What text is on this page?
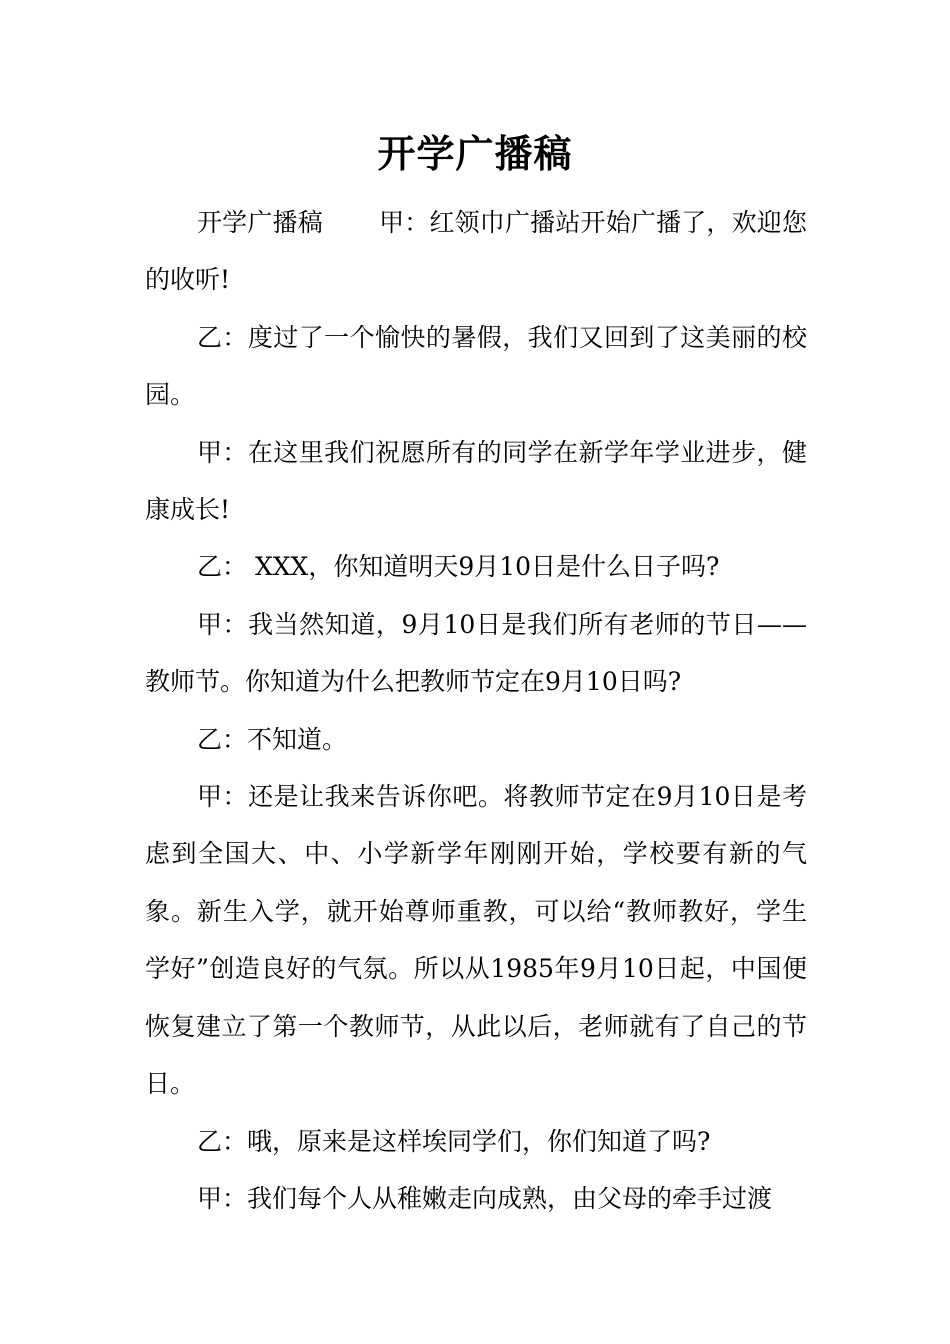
开学广播稿

开学广播稿 甲：红领巾广播站开始广播了，欢迎您的收听!

乙：度过了一个愉快的暑假，我们又回到了这美丽的校园。

甲：在这里我们祝愿所有的同学在新学年学业进步，健康成长!

乙： XXX，你知道明天9月10日是什么日子吗?

甲：我当然知道，9月10日是我们所有老师的节日——教师节。你知道为什么把教师节定在9月10日吗?

乙：不知道。

甲：还是让我来告诉你吧。将教师节定在9月10日是考虑到全国大、中、小学新学年刚刚开始，学校要有新的气象。新生入学，就开始尊师重教，可以给“教师教好，学生学好”创造良好的气氛。所以从1985年9月10日起，中国便恢复建立了第一个教师节，从此以后，老师就有了自己的节日。

乙：哦，原来是这样埃同学们，你们知道了吗?

甲：我们每个人从稚嫩走向成熟，由父母的牵手过渡
